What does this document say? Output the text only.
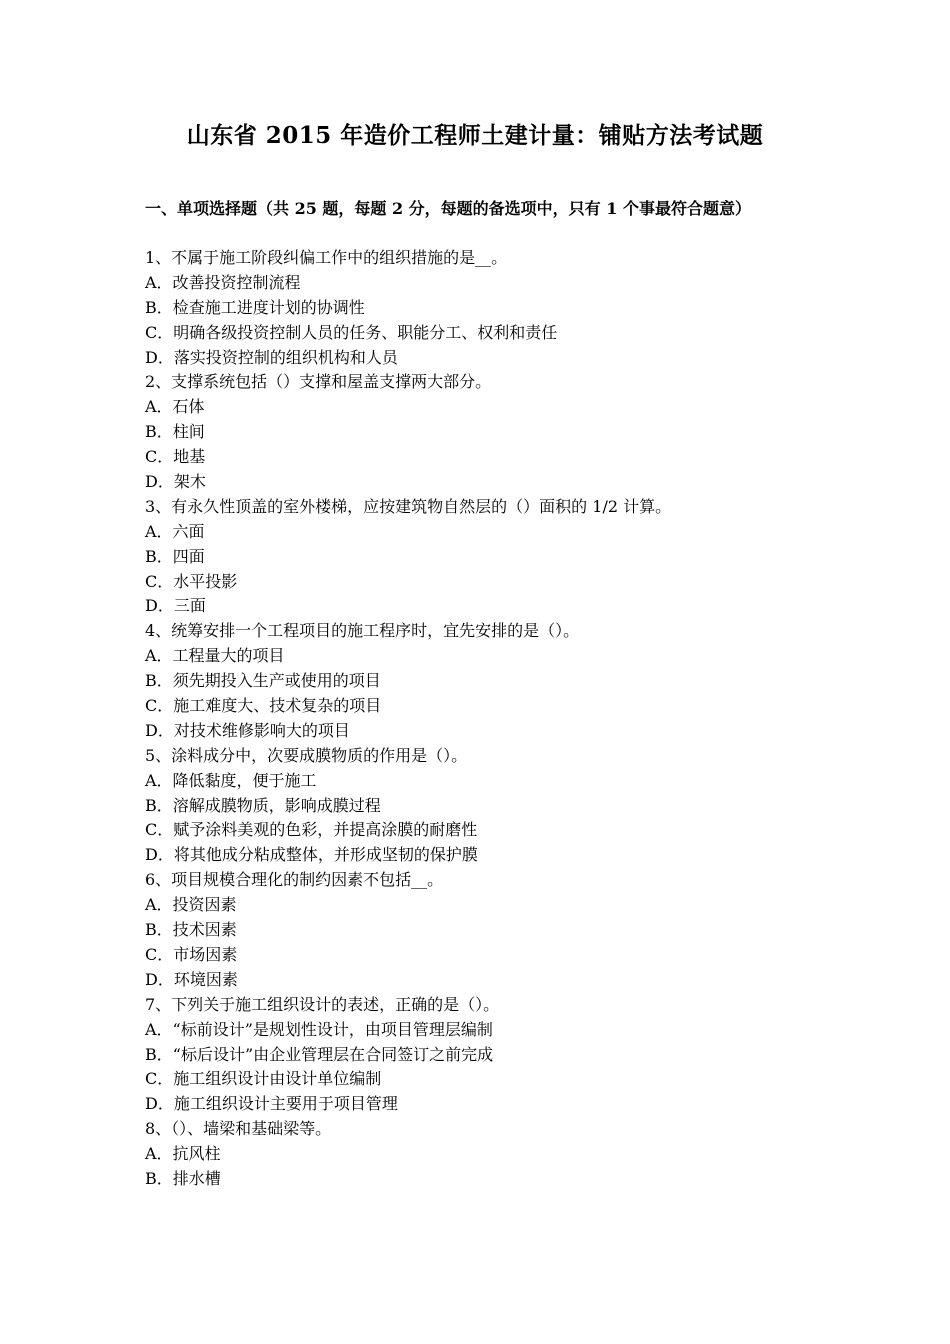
山东省 2015 年造价工程师土建计量：铺贴方法考试题
一、单项选择题（共 25 题，每题 2 分，每题的备选项中，只有 1 个事最符合题意）
1、不属于施工阶段纠偏工作中的组织措施的是__。
A．改善投资控制流程
B．检查施工进度计划的协调性
C．明确各级投资控制人员的任务、职能分工、权利和责任
D．落实投资控制的组织机构和人员
2、支撑系统包括（）支撑和屋盖支撑两大部分。
A．石体
B．柱间
C．地基
D．架木
3、有永久性顶盖的室外楼梯，应按建筑物自然层的（）面积的 1/2 计算。
A．六面
B．四面
C．水平投影
D．三面
4、统筹安排一个工程项目的施工程序时，宜先安排的是（）。
A．工程量大的项目
B．须先期投入生产或使用的项目
C．施工难度大、技术复杂的项目
D．对技术维修影响大的项目
5、涂料成分中，次要成膜物质的作用是（）。
A．降低黏度，便于施工
B．溶解成膜物质，影响成膜过程
C．赋予涂料美观的色彩，并提高涂膜的耐磨性
D．将其他成分粘成整体，并形成坚韧的保护膜
6、项目规模合理化的制约因素不包括__。
A．投资因素
B．技术因素
C．市场因素
D．环境因素
7、下列关于施工组织设计的表述，正确的是（）。
A．“标前设计”是规划性设计，由项目管理层编制
B．“标后设计”由企业管理层在合同签订之前完成
C．施工组织设计由设计单位编制
D．施工组织设计主要用于项目管理
8、（）、墙梁和基础梁等。
A．抗风柱
B．排水槽
